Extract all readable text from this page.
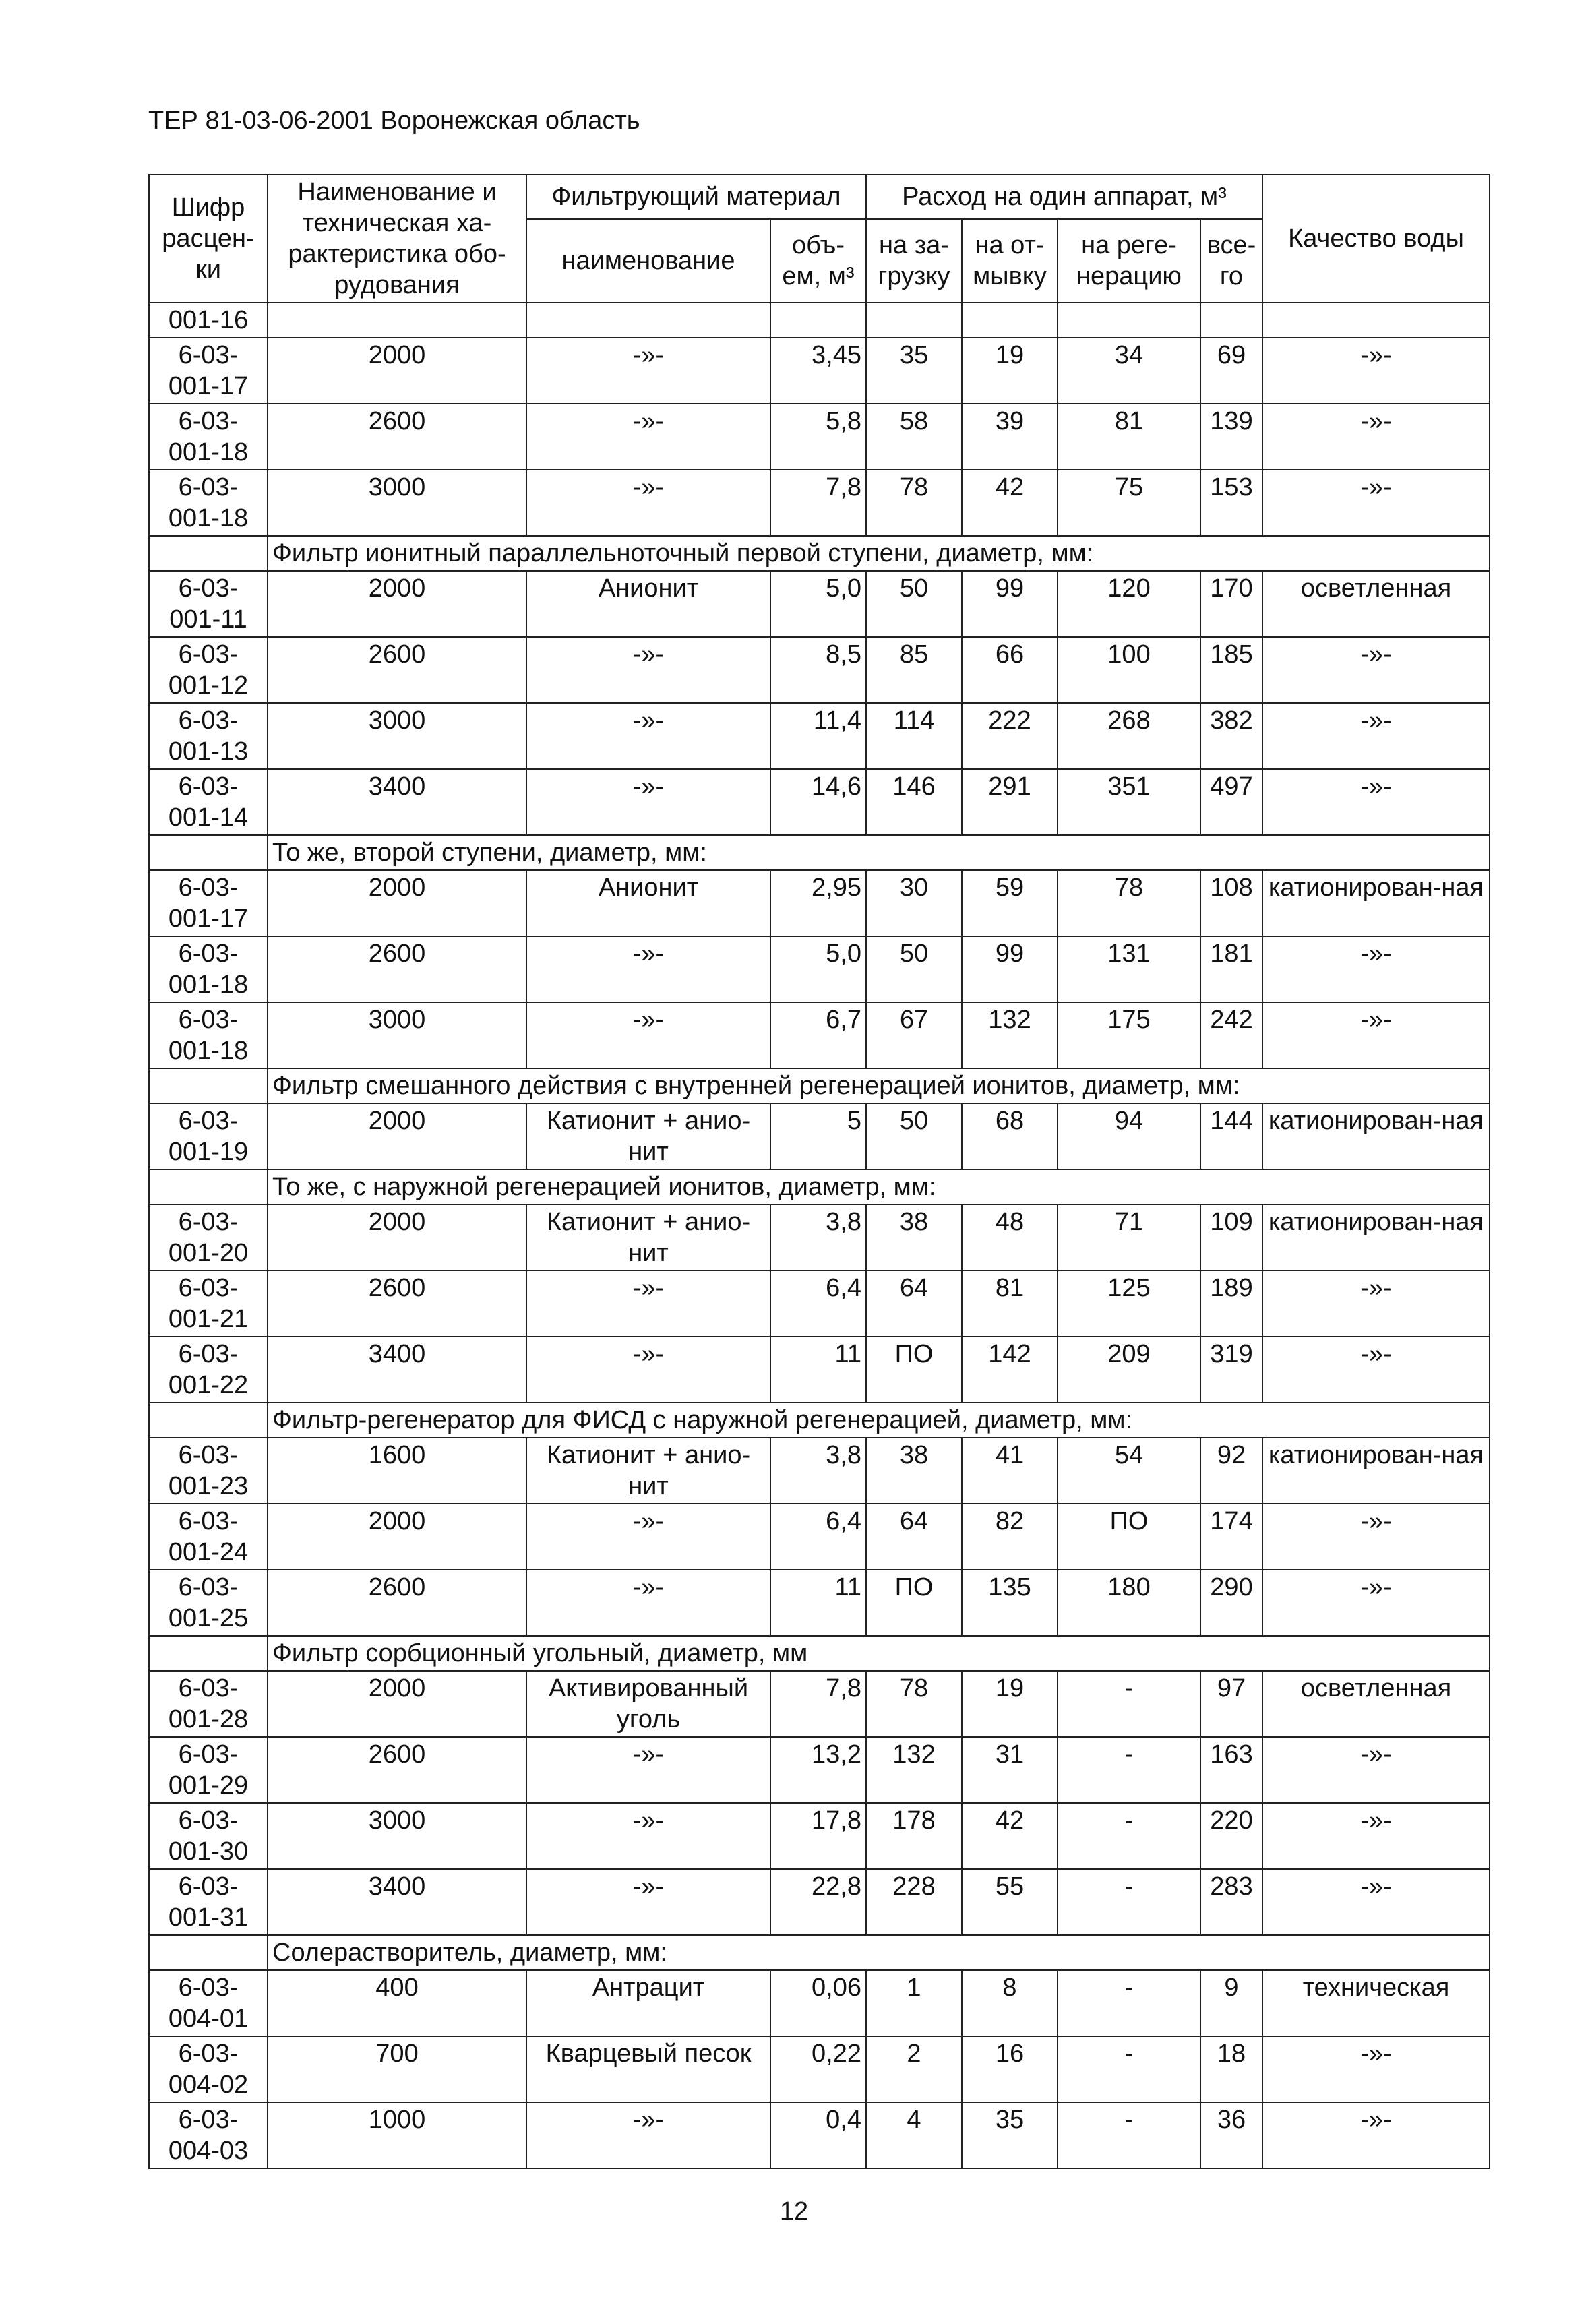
ТЕР 81-03-06-2001 Воронежская область
Шифр расцен-ки	Наименование и техническая ха-рактеристика обо-рудования	Фильтрующий материал		Расход на один аппарат, м³				Качество воды
		наименование	объ-ем, м³	на за-грузку	на от-мывку	на реге-нерацию	все-го	
001-16								
6-03-001-17	2000	-»-	3,45	35	19	34	69	-»-
6-03-001-18	2600	-»-	5,8	58	39	81	139	-»-
6-03-001-18	3000	-»-	7,8	78	42	75	153	-»-
	Фильтр ионитный параллельноточный первой ступени, диаметр, мм:							
6-03-001-11	2000	Анионит	5,0	50	99	120	170	осветленная
6-03-001-12	2600	-»-	8,5	85	66	100	185	-»-
6-03-001-13	3000	-»-	11,4	114	222	268	382	-»-
6-03-001-14	3400	-»-	14,6	146	291	351	497	-»-
	То же, второй ступени, диаметр, мм:							
6-03-001-17	2000	Анионит	2,95	30	59	78	108	катионирован-ная
6-03-001-18	2600	-»-	5,0	50	99	131	181	-»-
6-03-001-18	3000	-»-	6,7	67	132	175	242	-»-
	Фильтр смешанного действия с внутренней регенерацией ионитов, диаметр, мм:							
6-03-001-19	2000	Катионит + анио-нит	5	50	68	94	144	катионирован-ная
	То же, с наружной регенерацией ионитов, диаметр, мм:							
6-03-001-20	2000	Катионит + анио-нит	3,8	38	48	71	109	катионирован-ная
6-03-001-21	2600	-»-	6,4	64	81	125	189	-»-
6-03-001-22	3400	-»-	11	ПО	142	209	319	-»-
	Фильтр-регенератор для ФИСД с наружной регенерацией, диаметр, мм:							
6-03-001-23	1600	Катионит + анио-нит	3,8	38	41	54	92	катионирован-ная
6-03-001-24	2000	-»-	6,4	64	82	ПО	174	-»-
6-03-001-25	2600	-»-	11	ПО	135	180	290	-»-
	Фильтр сорбционный угольный, диаметр, мм							
6-03-001-28	2000	Активированный уголь	7,8	78	19	-	97	осветленная
6-03-001-29	2600	-»-	13,2	132	31	-	163	-»-
6-03-001-30	3000	-»-	17,8	178	42	-	220	-»-
6-03-001-31	3400	-»-	22,8	228	55	-	283	-»-
	Солерастворитель, диаметр, мм:							
6-03-004-01	400	Антрацит	0,06	1	8	-	9	техническая
6-03-004-02	700	Кварцевый песок	0,22	2	16	-	18	-»-
6-03-004-03	1000	-»-	0,4	4	35	-	36	-»-
12
